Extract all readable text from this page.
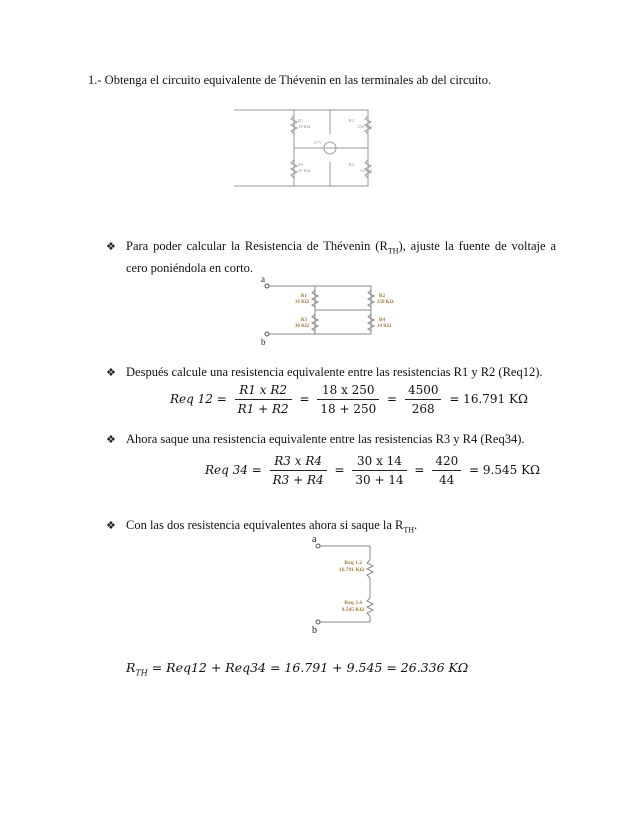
1.- Obtenga el circuito equivalente de Thévenin en las terminales ab del circuito.
R1
18 KΩ
R2
250 KΩ
R3
30 KΩ
R4
14 KΩ
15 V
❖ Para poder calcular la Resistencia de Thévenin $(R_{TH})$, ajuste la fuente de voltaje a cero poniéndola en corto.
a
b
R1
18 KΩ
R2
250 KΩ
R3
30 KΩ
R4
14 KΩ
❖ Después calcule una resistencia equivalente entre las resistencias R1 y R2 (Req12).
Req $12 = \frac{\text{R1 x R2}}{R1 + R2} = \frac{18 x 250}{18 + 250} = \frac{4500}{268} = 16.791$ KΩ
❖ Ahora saque una resistencia equivalente entre las resistencias R3 y R4 (Req34).
Req $34 = \frac{\text{R3 x R4}}{R3 + R4} = \frac{30 x 14}{30 + 14} = \frac{420}{44} = 9.545$ KΩ
❖ Con las dos resistencia equivalentes ahora si saque la $R_{TH}$.
a
b
Req 1.2
16.791 KΩ
Req 3.4
9.545 KΩ
$R_{TH} = Req12 + Req34 = 16.791 + 9.545 = 26.336$ KΩ
